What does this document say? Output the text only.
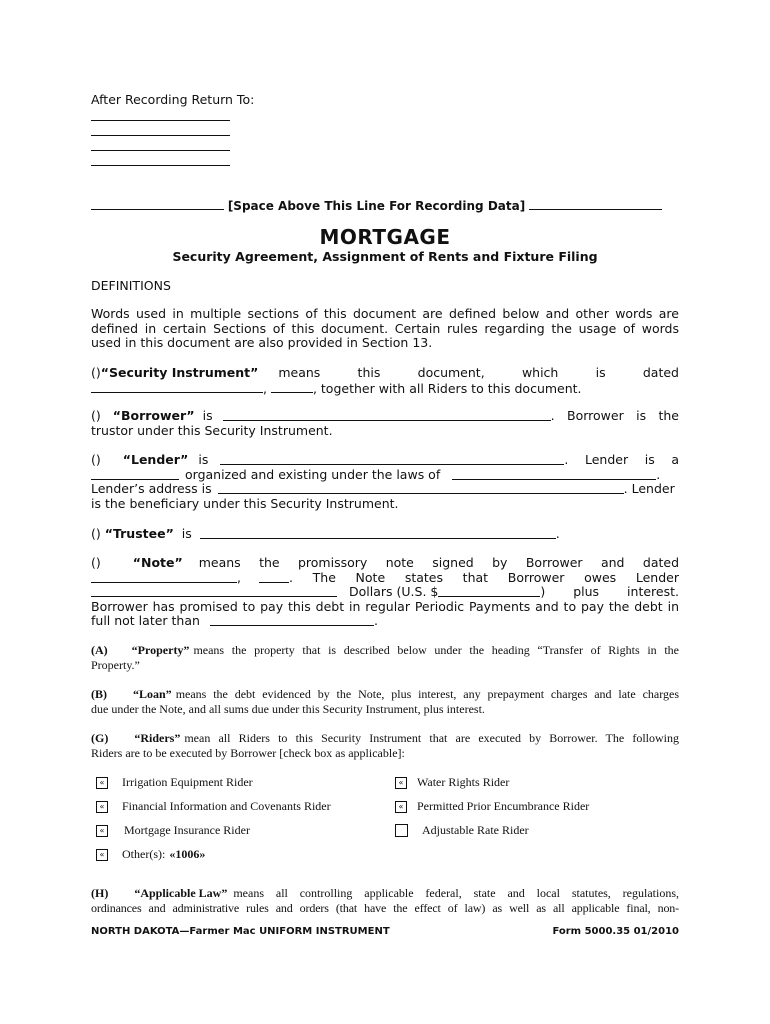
After Recording Return To:
[Space Above This Line For Recording Data]
MORTGAGE
Security Agreement, Assignment of Rents and Fixture Filing
DEFINITIONS
Words used in multiple sections of this document are defined below and other words are
defined in certain Sections of this document. Certain rules regarding the usage of words
used in this document are also provided in Section 13.
() “Security Instrument” means this document, which is dated
,	, together with all Riders to this document.
() “Borrower” is	. Borrower is the
trustor under this Security Instrument.
() “Lender” is	. Lender is a
organized and existing under the laws of	.
Lender’s address is	. Lender
is the beneficiary under this Security Instrument.
() “Trustee” is	.
()	“Note” means the promissory note signed by Borrower and dated
,	. The Note states that Borrower owes Lender
Dollars (U.S. $	) plus interest.
Borrower has promised to pay this debt in regular Periodic Payments and to pay the debt in
full not later than	.
(A) “Property” means the property that is described below under the heading “Transfer of Rights in the
Property.”
(B) “Loan” means the debt evidenced by the Note, plus interest, any prepayment charges and late charges
due under the Note, and all sums due under this Security Instrument, plus interest.
(G) “Riders” mean all Riders to this Security Instrument that are executed by Borrower. The following
Riders are to be executed by Borrower [check box as applicable]:
« Irrigation Equipment Rider	« Water Rights Rider
« Financial Information and Covenants Rider	« Permitted Prior Encumbrance Rider
« Mortgage Insurance Rider	Adjustable Rate Rider
« Other(s): «1006»
(H) “Applicable Law” means all controlling applicable federal, state and local statutes, regulations,
ordinances and administrative rules and orders (that have the effect of law) as well as all applicable final, non-
NORTH DAKOTA—Farmer Mac UNIFORM INSTRUMENT	Form 5000.35 01/2010
